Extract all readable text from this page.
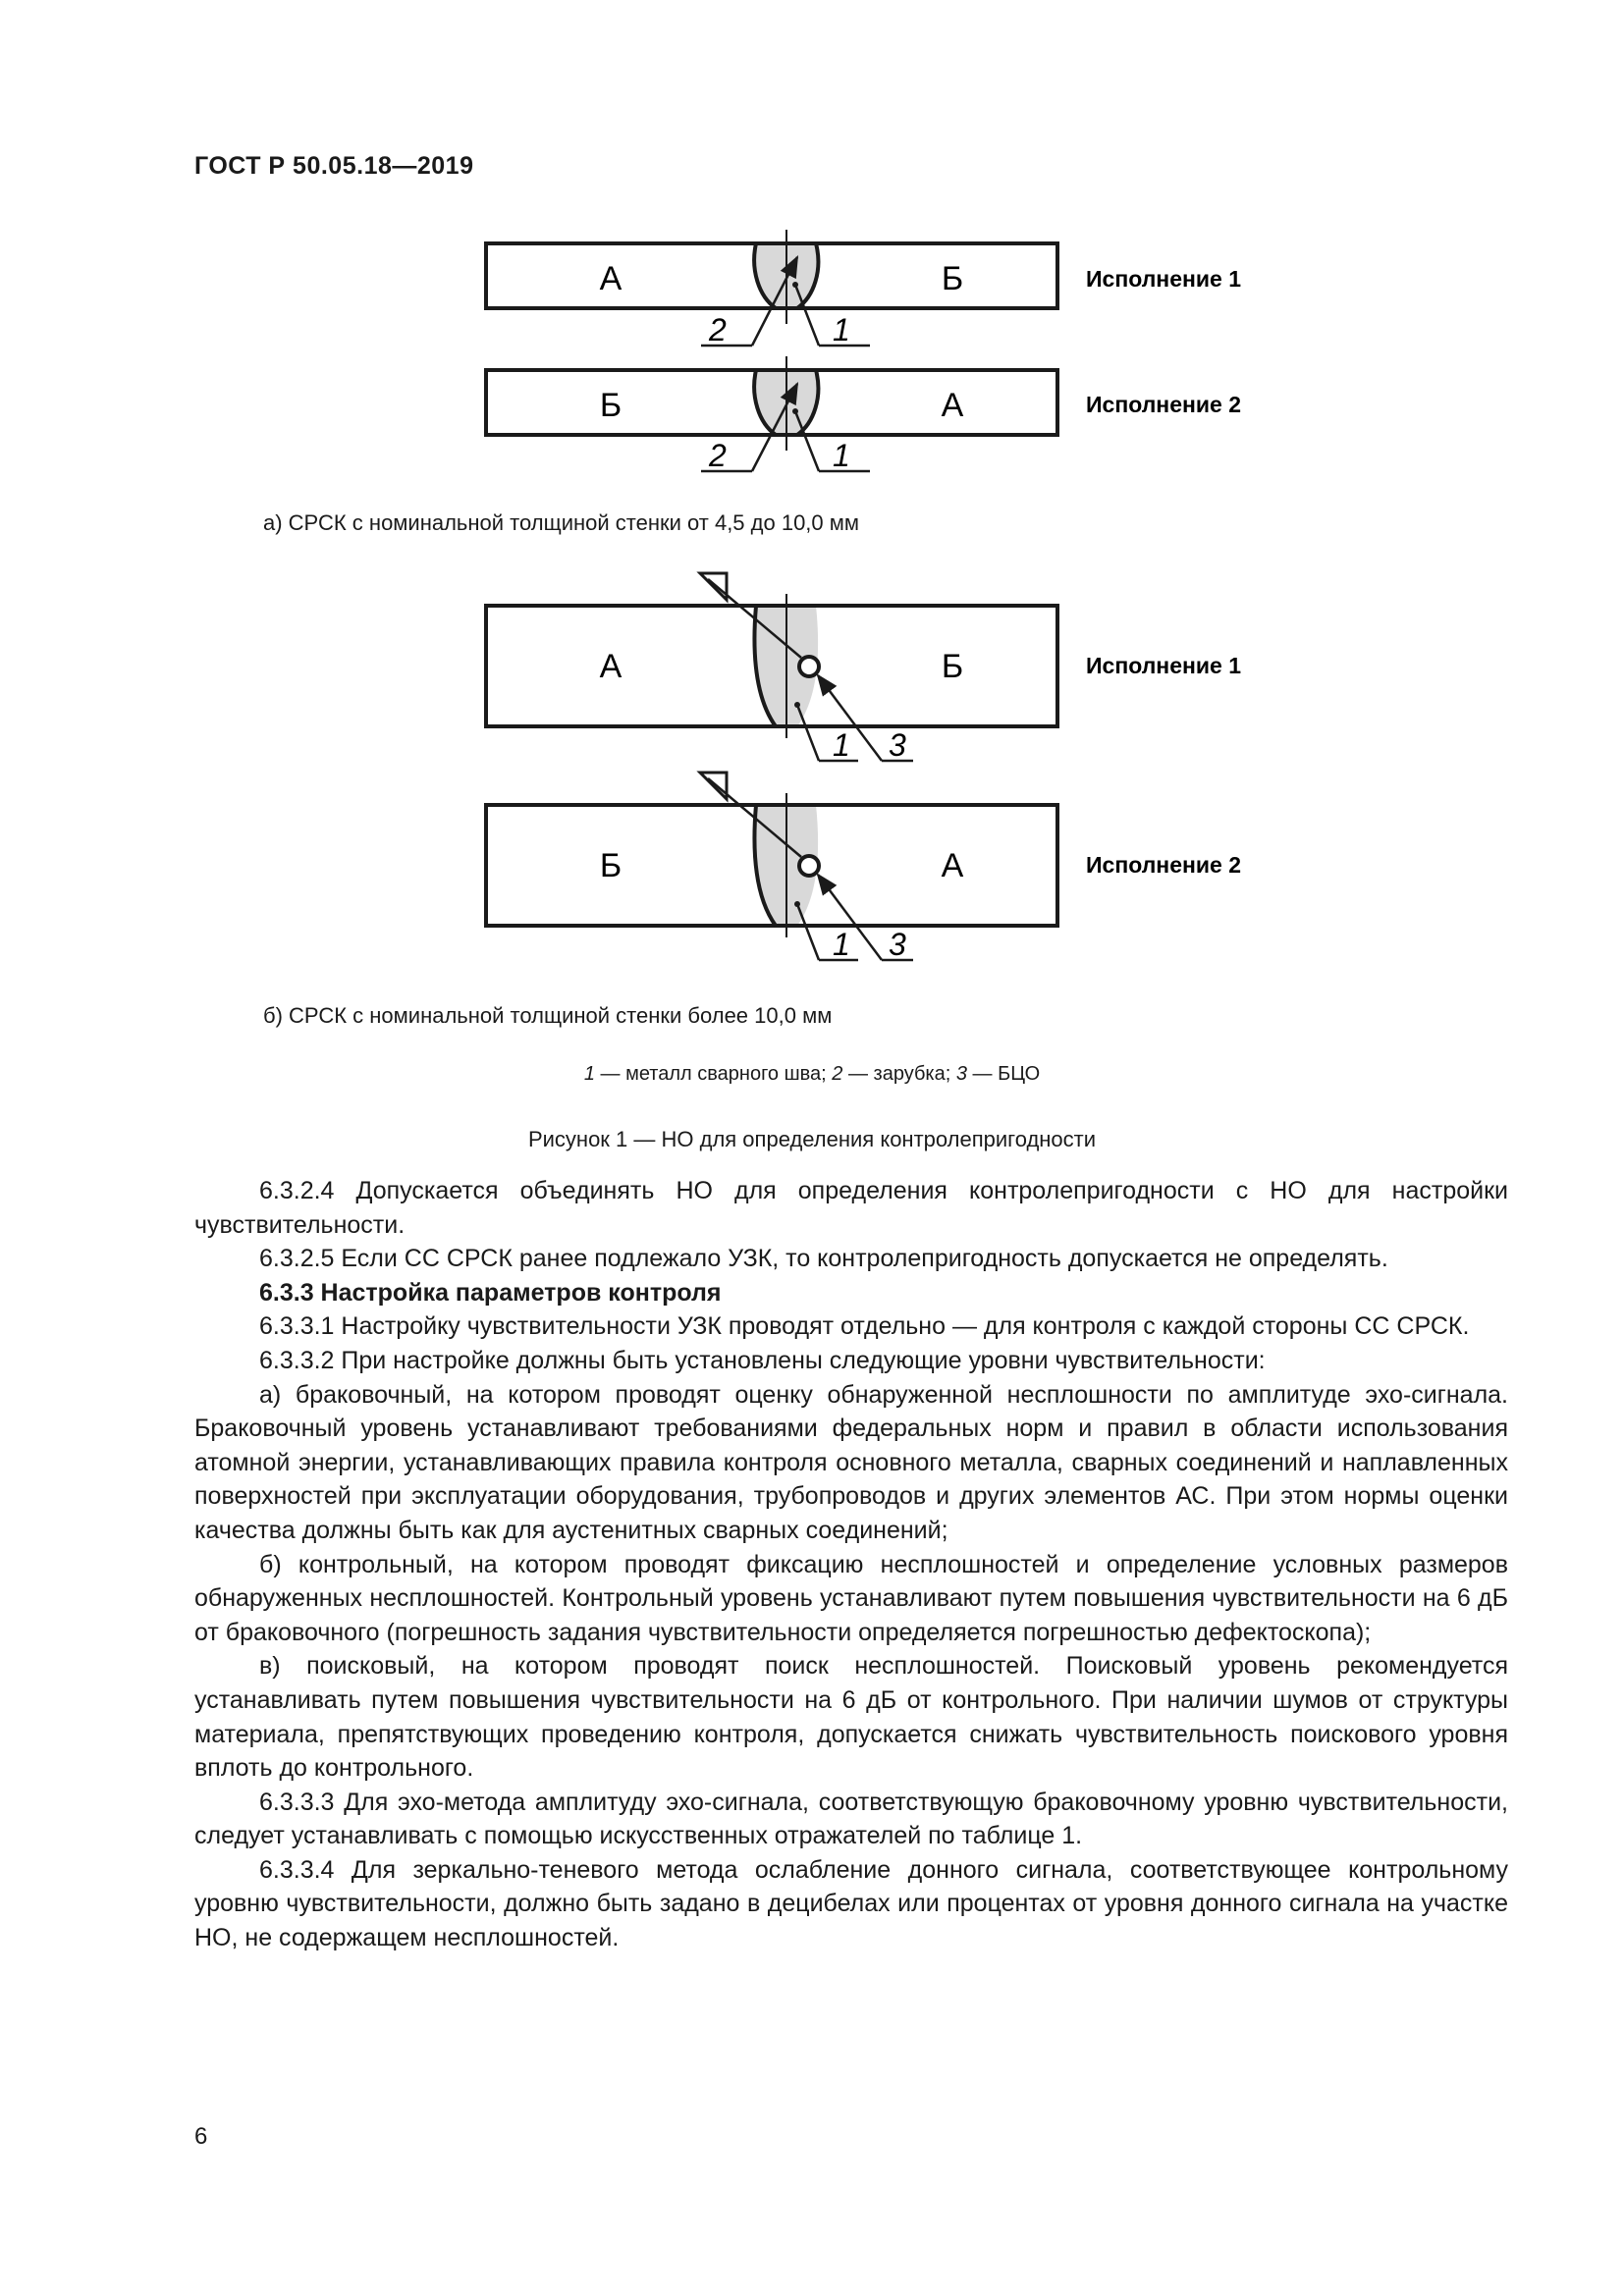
ГОСТ Р 50.05.18—2019
А	Б	Исполнение 1
2	1
Б	А	Исполнение 2
2	1
А	Б	Исполнение 1
1 3
Б	А	Исполнение 2
1 3
а) СРСК с номинальной толщиной стенки от 4,5 до 10,0 мм
б) СРСК с номинальной толщиной стенки более 10,0 мм
1 — металл сварного шва; 2 — зарубка; 3 — БЦО
Рисунок 1 — НО для определения контролепригодности

6.3.2.4 Допускается объединять НО для определения контролепригодности с НО для настройки чувствительности.

6.3.2.5 Если СС СРСК ранее подлежало УЗК, то контролепригодность допускается не определять.

6.3.3 Настройка параметров контроля

6.3.3.1 Настройку чувствительности УЗК проводят отдельно — для контроля с каждой стороны СС СРСК.

6.3.3.2 При настройке должны быть установлены следующие уровни чувствительности:

а) браковочный, на котором проводят оценку обнаруженной несплошности по амплитуде эхо-сигнала. Браковочный уровень устанавливают требованиями федеральных норм и правил в области использования атомной энергии, устанавливающих правила контроля основного металла, сварных соединений и наплавленных поверхностей при эксплуатации оборудования, трубопроводов и других элементов АС. При этом нормы оценки качества должны быть как для аустенитных сварных соединений;

б) контрольный, на котором проводят фиксацию несплошностей и определение условных размеров обнаруженных несплошностей. Контрольный уровень устанавливают путем повышения чувствительности на 6 дБ от браковочного (погрешность задания чувствительности определяется погрешностью дефектоскопа);

в) поисковый, на котором проводят поиск несплошностей. Поисковый уровень рекомендуется устанавливать путем повышения чувствительности на 6 дБ от контрольного. При наличии шумов от структуры материала, препятствующих проведению контроля, допускается снижать чувствительность поискового уровня вплоть до контрольного.

6.3.3.3 Для эхо-метода амплитуду эхо-сигнала, соответствующую браковочному уровню чувствительности, следует устанавливать с помощью искусственных отражателей по таблице 1.

6.3.3.4 Для зеркально-теневого метода ослабление донного сигнала, соответствующее контрольному уровню чувствительности, должно быть задано в децибелах или процентах от уровня донного сигнала на участке НО, не содержащем несплошностей.

6
